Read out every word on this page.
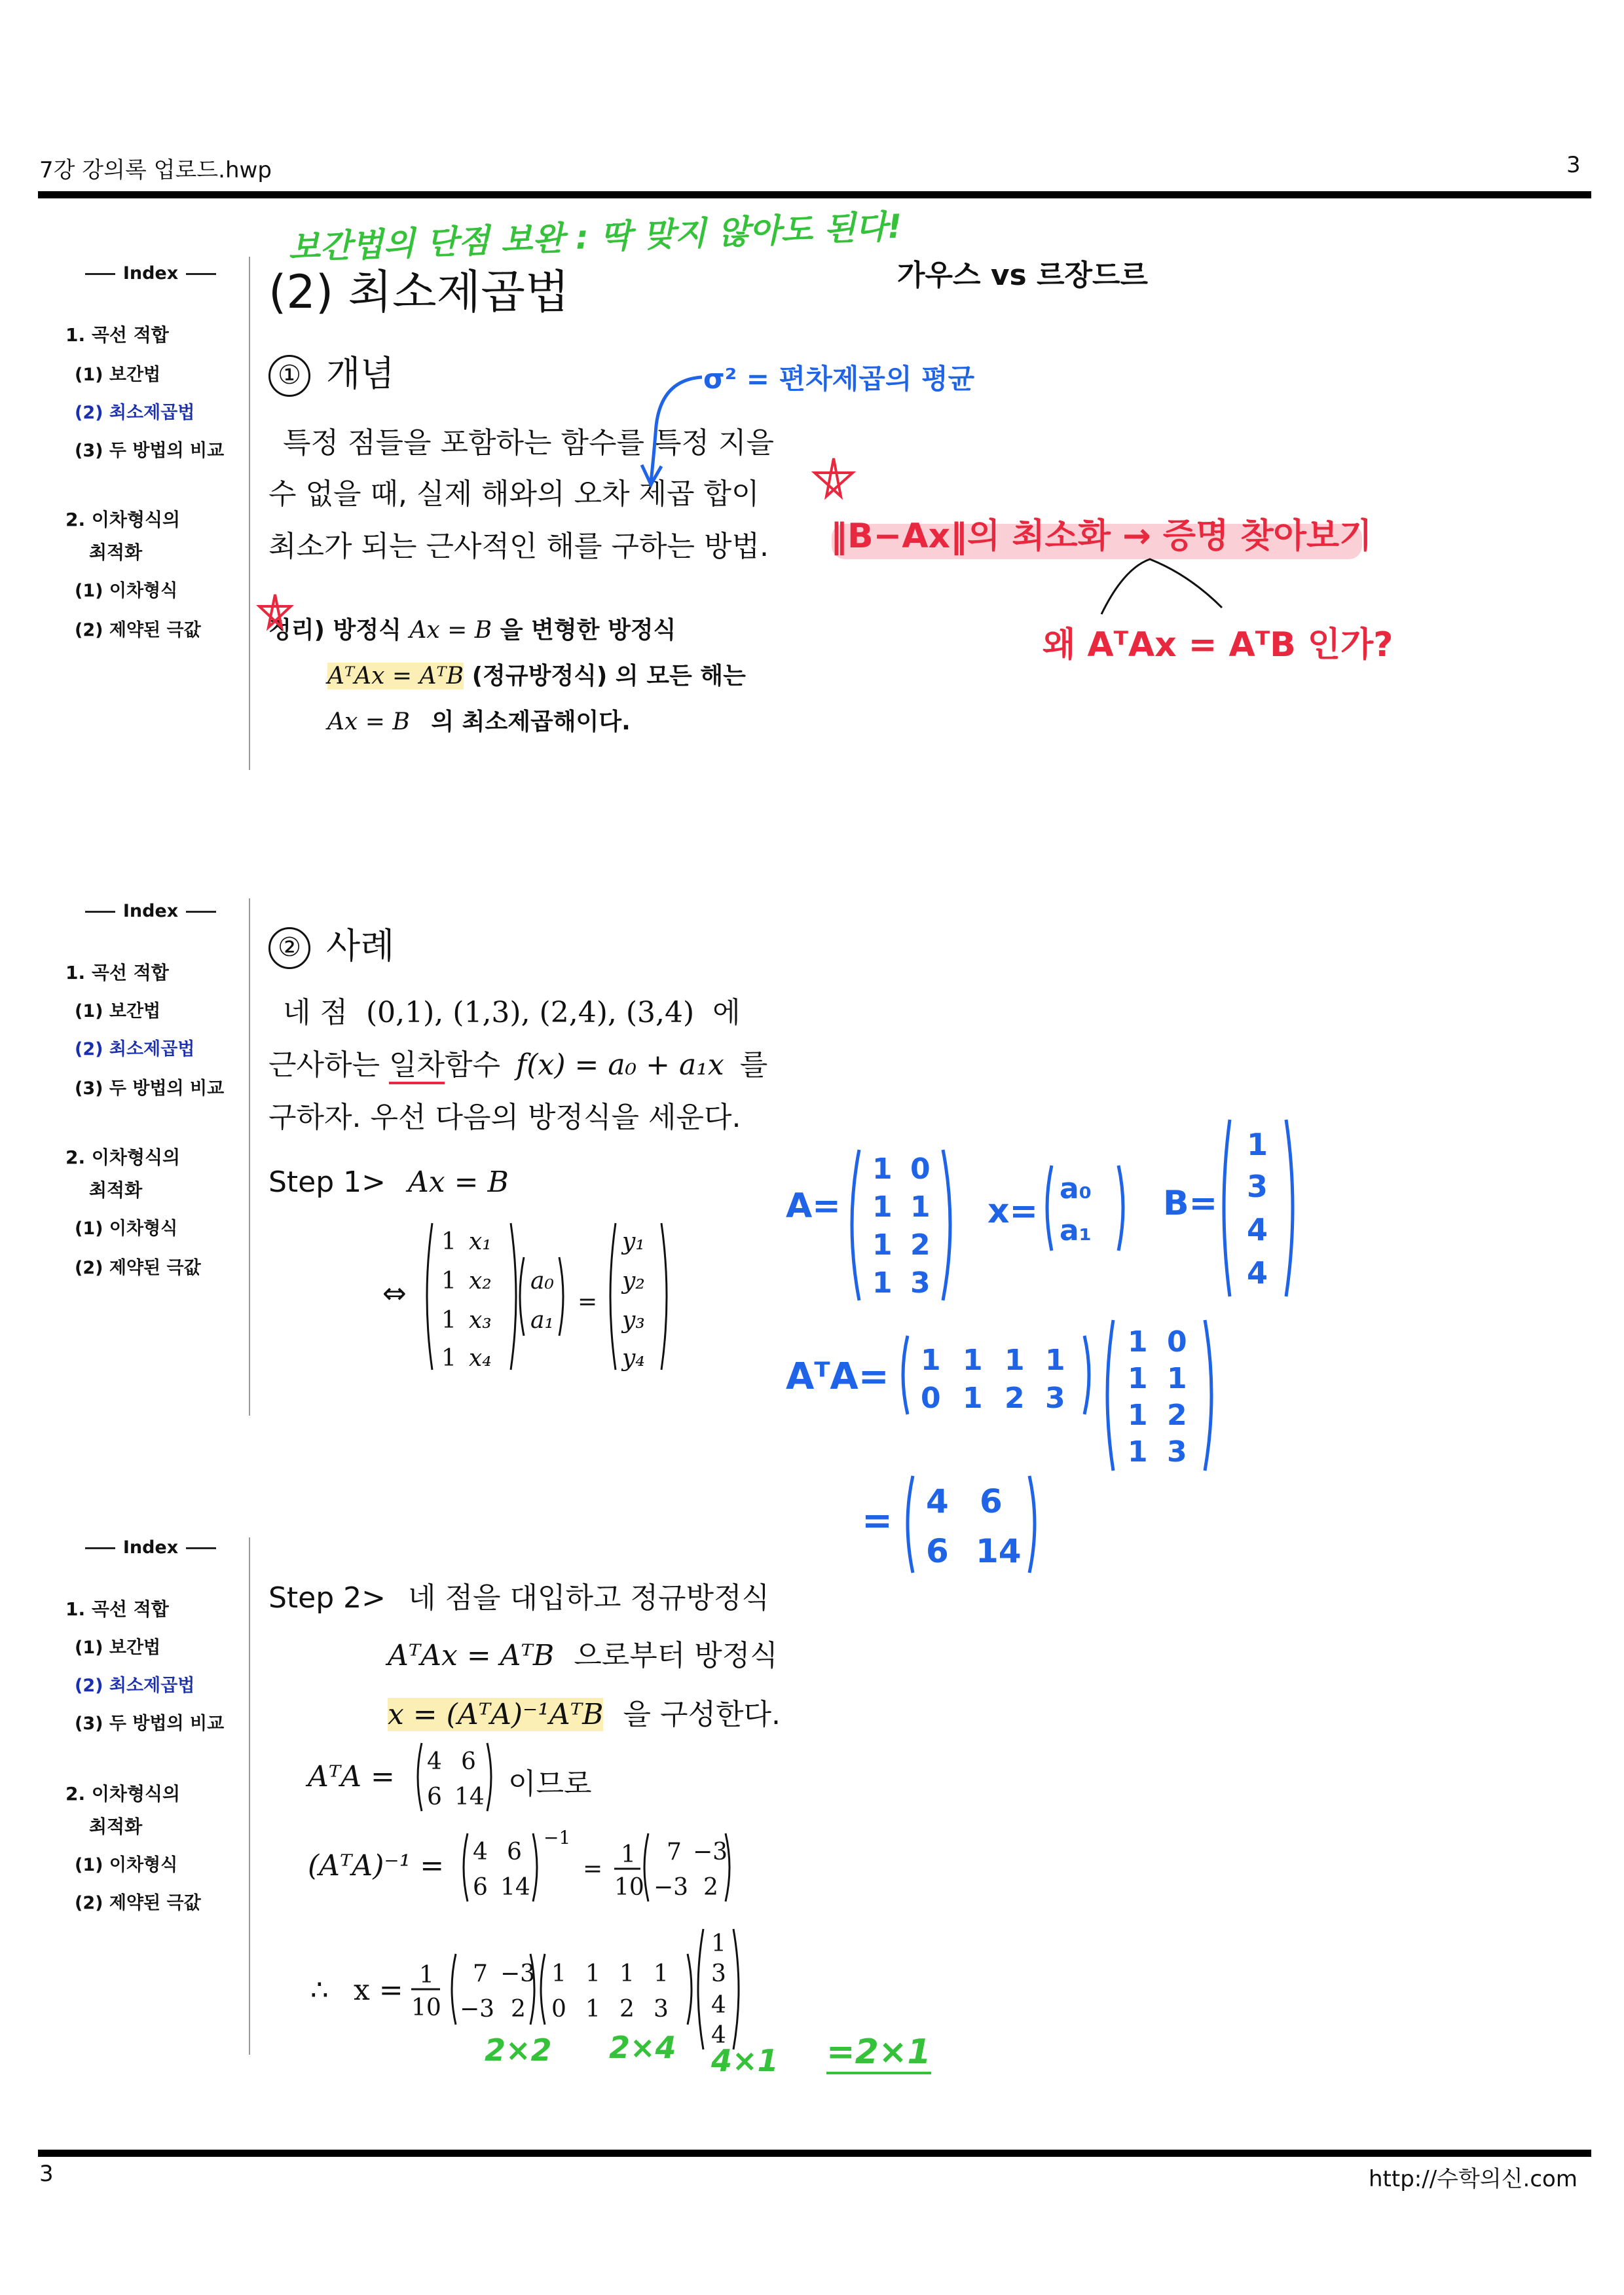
7강 강의록 업로드.hwp	3
3	http://수학의신.com
Index
1. 곡선 적합
(1) 보간법
(2) 최소제곱법
(3) 두 방법의 비교
2. 이차형식의
최적화
(1) 이차형식
(2) 제약된 극값
Index
1. 곡선 적합
(1) 보간법
(2) 최소제곱법
(3) 두 방법의 비교
2. 이차형식의
최적화
(1) 이차형식
(2) 제약된 극값
Index
1. 곡선 적합
(1) 보간법
(2) 최소제곱법
(3) 두 방법의 비교
2. 이차형식의
최적화
(1) 이차형식
(2) 제약된 극값
(2) 최소제곱법
① 개념
특정 점들을 포함하는 함수를 특정 지을
수 없을 때, 실제 해와의 오차 제곱 합이
최소가 되는 근사적인 해를 구하는 방법.
정리) 방정식 Ax = B 을 변형한 방정식
AᵀAx = AᵀB (정규방정식) 의 모든 해는
Ax = B 의 최소제곱해이다.
② 사례
네 점 (0,1), (1,3), (2,4), (3,4) 에
근사하는 일차함수 f(x) = a₀ + a₁x 를
구하자. 우선 다음의 방정식을 세운다.
Step 1> Ax = B
⇔
1 x₁
1 x₂
1 x₃
1 x₄
a₀
a₁
=
y₁
y₂
y₃
y₄
Step 2> 네 점을 대입하고 정규방정식
AᵀAx = AᵀB 으로부터 방정식
x = (AᵀA)⁻¹AᵀB 을 구성한다.
AᵀA = 4 6
6 14 이므로
(AᵀA)⁻¹ = 4 6
6 14
−1
=
1
10
7 −3
−3 2
∴ x = 1
10
7 −3
−3 2
1 1 1 1
0 1 2 3
1
3
4
4
보간법의 단점 보완 : 딱 맞지 않아도 된다!
가우스 vs 르장드르
σ² = 편차제곱의 평균
‖B−Ax‖의 최소화 → 증명 찾아보기
왜 AᵀAx = AᵀB 인가?
A=
1 0
1 1
1 2
1 3
x=
a₀
a₁
B=
1
3
4
4
AᵀA= 1 1 1 1
0 1 2 3
1 0
1 1
1 2
1 3
= 4 6
6 14
2×2 2×4 4×1 =2×1
